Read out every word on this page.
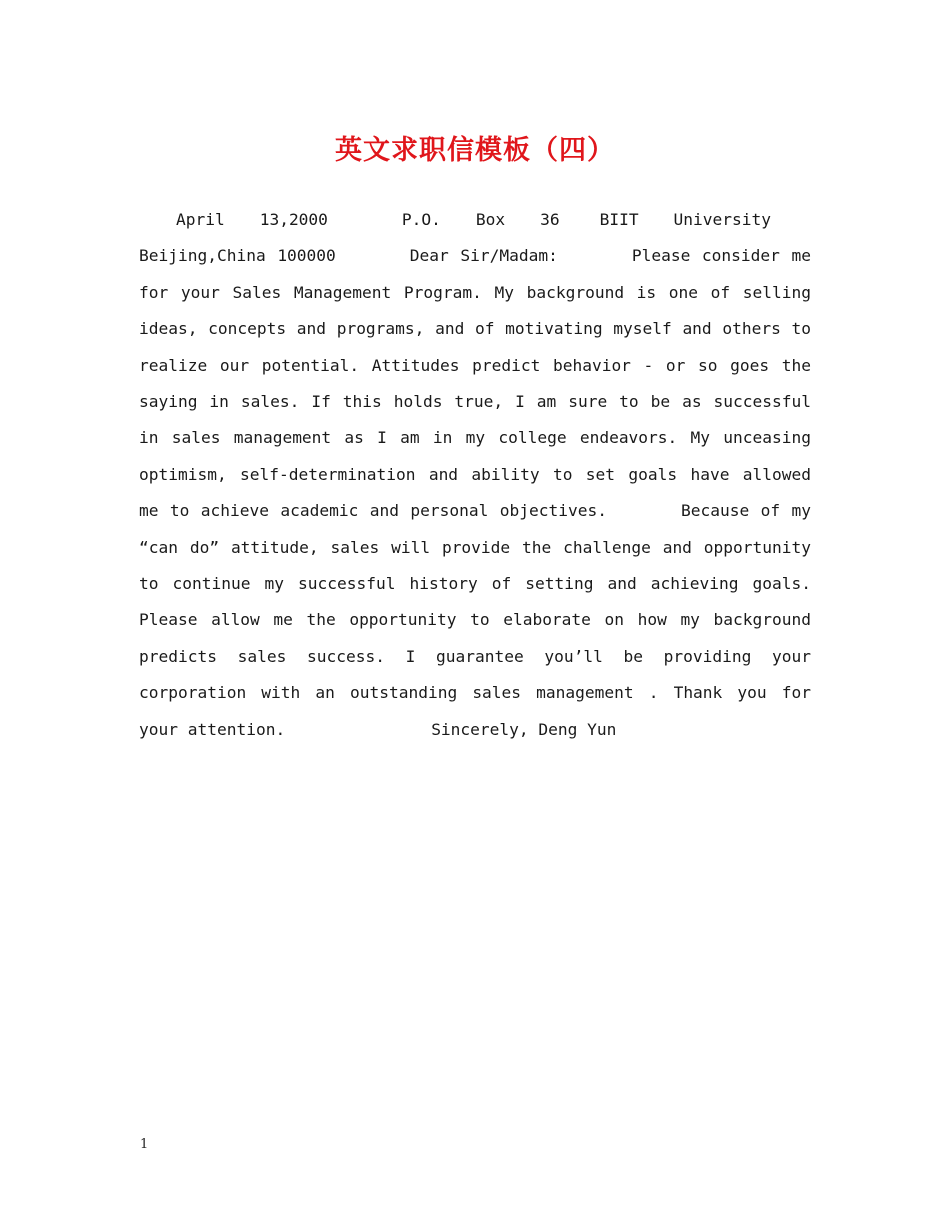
英文求职信模板（四）

April 13,2000	P.O. Box 36 BIIT UniversityBeijing,China 100000	Dear Sir/Madam:	Please consider me for your Sales Management Program. My background is one of selling ideas, concepts and programs, and of motivating myself and others to realize our potential. Attitudes predict behavior - or so goes the saying in sales. If this holds true, I am sure to be as successful in sales management as I am in my college endeavors. My unceasing optimism, self-determination and ability to set goals have allowed me to achieve academic and personal objectives.	Because of my “can do” attitude, sales will provide the challenge and opportunity to continue my successful history of setting and achieving goals. Please allow me the opportunity to elaborate on how my background predicts sales success. I guarantee you’ll be providing your corporation with an outstanding sales management . Thank you for your attention.	Sincerely, Deng Yun

1
